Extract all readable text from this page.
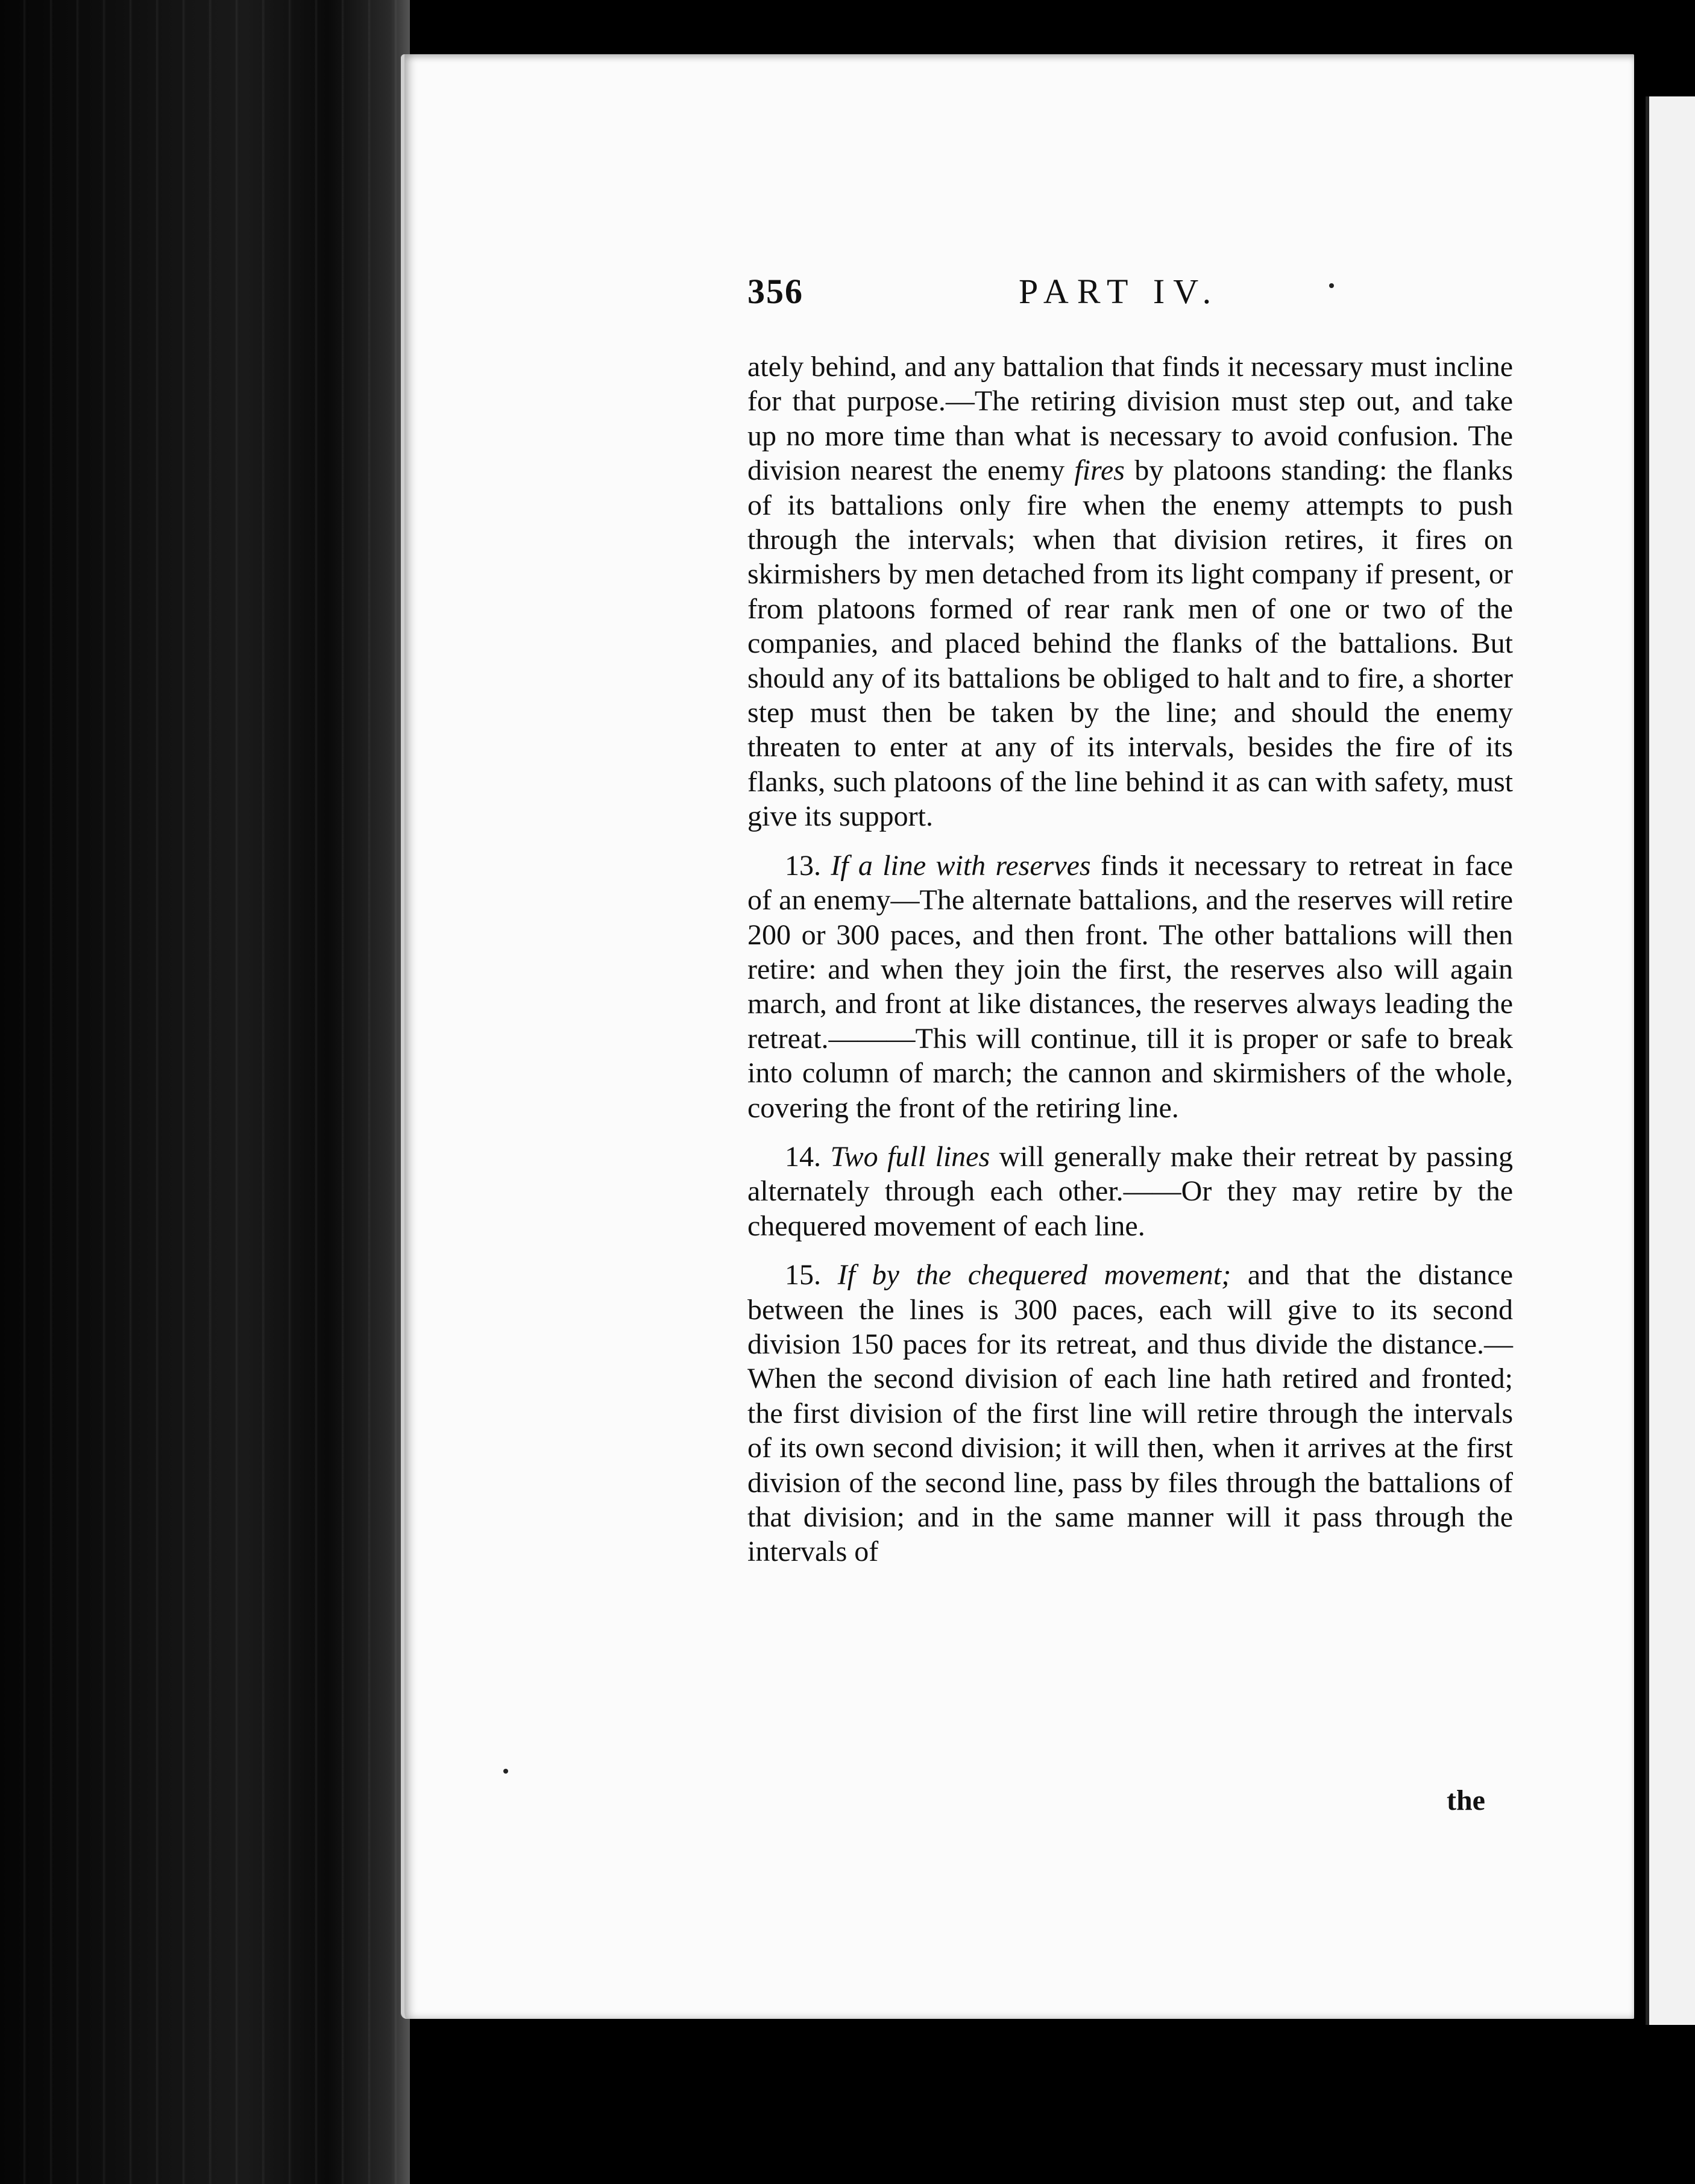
356	PART IV.

ately behind, and any battalion that finds it necessary must incline for that purpose.—The retiring division must step out, and take up no more time than what is necessary to avoid confusion. The division nearest the enemy fires by platoons standing: the flanks of its battalions only fire when the enemy attempts to push through the intervals; when that division retires, it fires on skirmishers by men detached from its light company if present, or from platoons formed of rear rank men of one or two of the companies, and placed behind the flanks of the battalions. But should any of its battalions be obliged to halt and to fire, a shorter step must then be taken by the line; and should the enemy threaten to enter at any of its intervals, besides the fire of its flanks, such platoons of the line behind it as can with safety, must give its support.

13. If a line with reserves finds it necessary to retreat in face of an enemy—The alternate battalions, and the reserves will retire 200 or 300 paces, and then front. The other battalions will then retire: and when they join the first, the reserves also will again march, and front at like distances, the reserves always leading the retreat.———This will continue, till it is proper or safe to break into column of march; the cannon and skirmishers of the whole, covering the front of the retiring line.

14. Two full lines will generally make their retreat by passing alternately through each other.——Or they may retire by the chequered movement of each line.

15. If by the chequered movement; and that the distance between the lines is 300 paces, each will give to its second division 150 paces for its retreat, and thus divide the distance.—When the second division of each line hath retired and fronted; the first division of the first line will retire through the intervals of its own second division; it will then, when it arrives at the first division of the second line, pass by files through the battalions of that division; and in the same manner will it pass through the intervals of

the
